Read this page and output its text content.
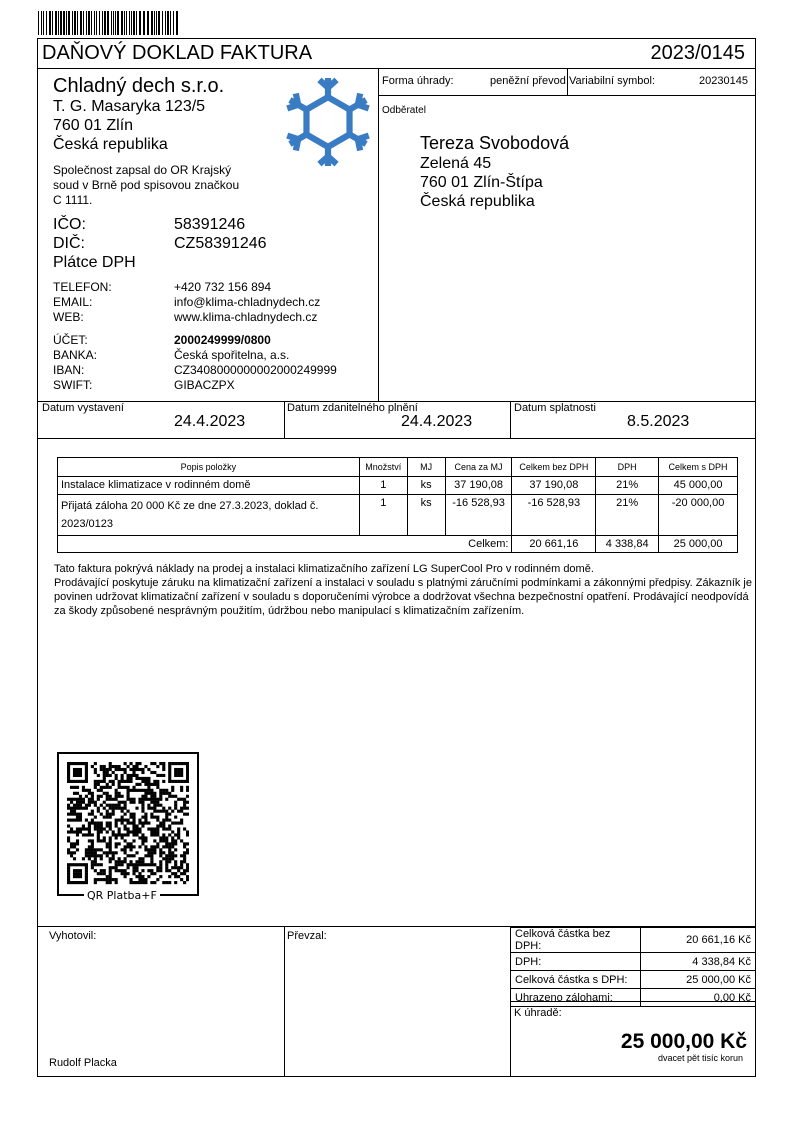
DAŇOVÝ DOKLAD FAKTURA	2023/0145
Chladný dech s.r.o.
T. G. Masaryka 123/5
760 01 Zlín
Česká republika
Společnost zapsal do OR Krajský
soud v Brně pod spisovou značkou
C 1111.
IČO:	58391246
DIČ:	CZ58391246
Plátce DPH
TELEFON:	+420 732 156 894
EMAIL:	info@klima-chladnydech.cz
WEB:	www.klima-chladnydech.cz
ÚČET:	2000249999/0800
BANKA:	Česká spořitelna, a.s.
IBAN:	CZ3408000000002000249999
SWIFT:	GIBACZPX
Forma úhrady:	peněžní převod Variabilní symbol:	20230145
Odběratel
Tereza Svobodová
Zelená 45
760 01 Zlín-Štípa
Česká republika
Datum vystavení
24.4.2023
Datum zdanitelného plnění
24.4.2023
Datum splatnosti
8.5.2023
Popis položky	Množství	MJ	Cena za MJ	Celkem bez DPH	DPH	Celkem s DPH
Instalace klimatizace v rodinném domě	1	ks	37 190,08	37 190,08	21%	45 000,00
Přijatá záloha 20 000 Kč ze dne 27.3.2023, doklad č. 2023/0123	1	ks	-16 528,93	-16 528,93	21%	-20 000,00
Celkem:				20 661,16	4 338,84	25 000,00
Tato faktura pokrývá náklady na prodej a instalaci klimatizačního zařízení LG SuperCool Pro v rodinném domě.
Prodávající poskytuje záruku na klimatizační zařízení a instalaci v souladu s platnými záručními podmínkami a zákonnými předpisy. Zákazník je povinen udržovat klimatizační zařízení v souladu s doporučeními výrobce a dodržovat všechna bezpečnostní opatření. Prodávající neodpovídá za škody způsobené nesprávným použitím, údržbou nebo manipulací s klimatizačním zařízením.
QR Platba+F
Vyhotovil:
Rudolf Placka
Převzal:	Celková částka bez DPH:	20 661,16 Kč
DPH:	4 338,84 Kč
Celková částka s DPH:	25 000,00 Kč
Uhrazeno zálohami:	0,00 Kč
K úhradě:
25 000,00 Kč
dvacet pět tisíc korun
